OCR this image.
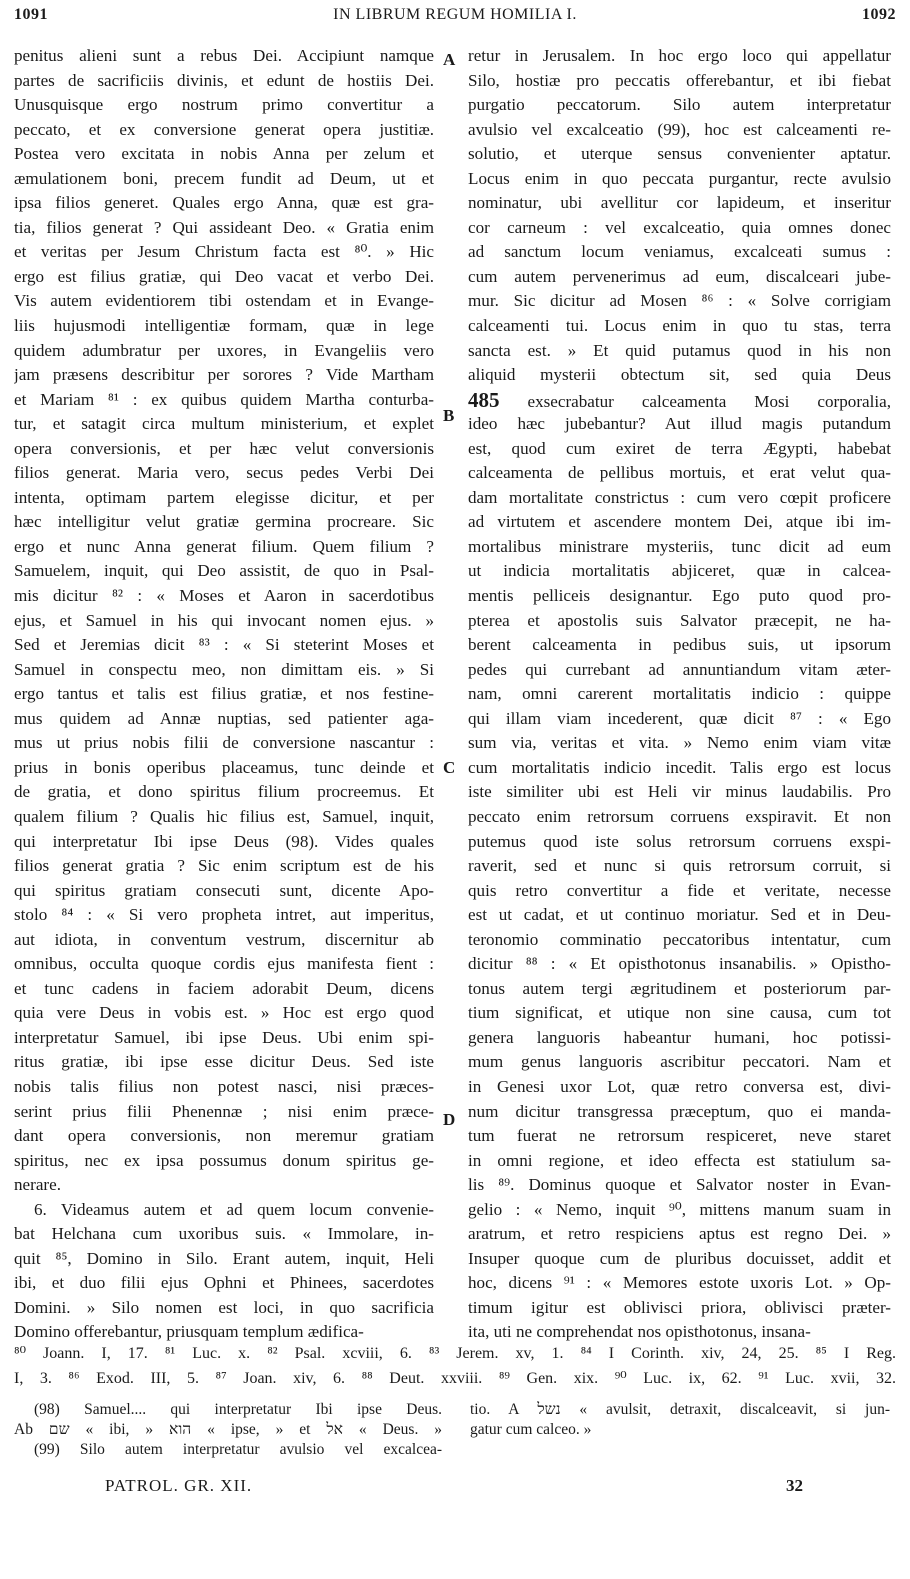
1091	IN LIBRUM REGUM HOMILIA I.	1092
penitus alieni sunt a rebus Dei. Accipiunt namque
partes de sacrificiis divinis, et edunt de hostiis Dei.
Unusquisque ergo nostrum primo convertitur a
peccato, et ex conversione generat opera justitiæ.
Postea vero excitata in nobis Anna per zelum et
æmulationem boni, precem fundit ad Deum, ut et
ipsa filios generet. Quales ergo Anna, quæ est gra-
tia, filios generat ? Qui assideant Deo. « Gratia enim
et veritas per Jesum Christum facta est ⁸⁰. » Hic
ergo est filius gratiæ, qui Deo vacat et verbo Dei.
Vis autem evidentiorem tibi ostendam et in Evange-
liis hujusmodi intelligentiæ formam, quæ in lege
quidem adumbratur per uxores, in Evangeliis vero
jam præsens describitur per sorores ? Vide Martham
et Mariam ⁸¹ : ex quibus quidem Martha conturba-
tur, et satagit circa multum ministerium, et explet
opera conversionis, et per hæc velut conversionis
filios generat. Maria vero, secus pedes Verbi Dei
intenta, optimam partem elegisse dicitur, et per
hæc intelligitur velut gratiæ germina procreare. Sic
ergo et nunc Anna generat filium. Quem filium ?
Samuelem, inquit, qui Deo assistit, de quo in Psal-
mis dicitur ⁸² : « Moses et Aaron in sacerdotibus
ejus, et Samuel in his qui invocant nomen ejus. »
Sed et Jeremias dicit ⁸³ : « Si steterint Moses et
Samuel in conspectu meo, non dimittam eis. » Si
ergo tantus et talis est filius gratiæ, et nos festine-
mus quidem ad Annæ nuptias, sed patienter aga-
mus ut prius nobis filii de conversione nascantur :
prius in bonis operibus placeamus, tunc deinde et
de gratia, et dono spiritus filium procreemus. Et
qualem filium ? Qualis hic filius est, Samuel, inquit,
qui interpretatur Ibi ipse Deus (98). Vides quales
filios generat gratia ? Sic enim scriptum est de his
qui spiritus gratiam consecuti sunt, dicente Apo-
stolo ⁸⁴ : « Si vero propheta intret, aut imperitus,
aut idiota, in conventum vestrum, discernitur ab
omnibus, occulta quoque cordis ejus manifesta fient :
et tunc cadens in faciem adorabit Deum, dicens
quia vere Deus in vobis est. » Hoc est ergo quod
interpretatur Samuel, ibi ipse Deus. Ubi enim spi-
ritus gratiæ, ibi ipse esse dicitur Deus. Sed iste
nobis talis filius non potest nasci, nisi præces-
serint prius filii Phenennæ ; nisi enim præce-
dant opera conversionis, non meremur gratiam
spiritus, nec ex ipsa possumus donum spiritus ge-
nerare.
6. Videamus autem et ad quem locum convenie-
bat Helchana cum uxoribus suis. « Immolare, in-
quit ⁸⁵, Domino in Silo. Erant autem, inquit, Heli
ibi, et duo filii ejus Ophni et Phinees, sacerdotes
Domini. » Silo nomen est loci, in quo sacrificia
Domino offerebantur, priusquam templum ædifica-
retur in Jerusalem. In hoc ergo loco qui appellatur
Silo, hostiæ pro peccatis offerebantur, et ibi fiebat
purgatio peccatorum. Silo autem interpretatur
avulsio vel excalceatio (99), hoc est calceamenti re-
solutio, et uterque sensus convenienter aptatur.
Locus enim in quo peccata purgantur, recte avulsio
nominatur, ubi avellitur cor lapideum, et inseritur
cor carneum : vel excalceatio, quia omnes donec
ad sanctum locum veniamus, excalceati sumus :
cum autem pervenerimus ad eum, discalceari jube-
mur. Sic dicitur ad Mosen ⁸⁶ : « Solve corrigiam
calceamenti tui. Locus enim in quo tu stas, terra
sancta est. » Et quid putamus quod in his non
aliquid mysterii obtectum sit, sed quia Deus
485 exsecrabatur calceamenta Mosi corporalia,
ideo hæc jubebantur? Aut illud magis putandum
est, quod cum exiret de terra Ægypti, habebat
calceamenta de pellibus mortuis, et erat velut qua-
dam mortalitate constrictus : cum vero cœpit proficere
ad virtutem et ascendere montem Dei, atque ibi im-
mortalibus ministrare mysteriis, tunc dicit ad eum
ut indicia mortalitatis abjiceret, quæ in calcea-
mentis pelliceis designantur. Ego puto quod pro-
pterea et apostolis suis Salvator præcepit, ne ha-
berent calceamenta in pedibus suis, ut ipsorum
pedes qui currebant ad annuntiandum vitam æter-
nam, omni carerent mortalitatis indicio : quippe
qui illam viam incederent, quæ dicit ⁸⁷ : « Ego
sum via, veritas et vita. » Nemo enim viam vitæ
cum mortalitatis indicio incedit. Talis ergo est locus
iste similiter ubi est Heli vir minus laudabilis. Pro
peccato enim retrorsum corruens exspiravit. Et non
putemus quod iste solus retrorsum corruens exspi-
raverit, sed et nunc si quis retrorsum corruit, si
quis retro convertitur a fide et veritate, necesse
est ut cadat, et ut continuo moriatur. Sed et in Deu-
teronomio comminatio peccatoribus intentatur, cum
dicitur ⁸⁸ : « Et opisthotonus insanabilis. » Opistho-
tonus autem tergi ægritudinem et posteriorum par-
tium significat, et utique non sine causa, cum tot
genera languoris habeantur humani, hoc potissi-
mum genus languoris ascribitur peccatori. Nam et
in Genesi uxor Lot, quæ retro conversa est, divi-
num dicitur transgressa præceptum, quo ei manda-
tum fuerat ne retrorsum respiceret, neve staret
in omni regione, et ideo effecta est statiulum sa-
lis ⁸⁹. Dominus quoque et Salvator noster in Evan-
gelio : « Nemo, inquit ⁹⁰, mittens manum suam in
aratrum, et retro respiciens aptus est regno Dei. »
Insuper quoque cum de pluribus docuisset, addit et
hoc, dicens ⁹¹ : « Memores estote uxoris Lot. » Op-
timum igitur est oblivisci priora, oblivisci præter-
ita, uti ne comprehendat nos opisthotonus, insana-
A
B
C
D
⁸⁰ Joann. I, 17. ⁸¹ Luc. x. ⁸² Psal. xcviii, 6. ⁸³ Jerem. xv, 1. ⁸⁴ I Corinth. xiv, 24, 25. ⁸⁵ I Reg.
I, 3. ⁸⁶ Exod. III, 5. ⁸⁷ Joan. xiv, 6. ⁸⁸ Deut. xxviii. ⁸⁹ Gen. xix. ⁹⁰ Luc. ix, 62. ⁹¹ Luc. xvii, 32.
(98) Samuel.... qui interpretatur Ibi ipse Deus.
Ab שם « ibi, » הוא « ipse, » et אל « Deus. »
(99) Silo autem interpretatur avulsio vel excalcea-
tio. A נשל « avulsit, detraxit, discalceavit, si jun-
gatur cum calceo. »
PATROL. GR. XII.	32
